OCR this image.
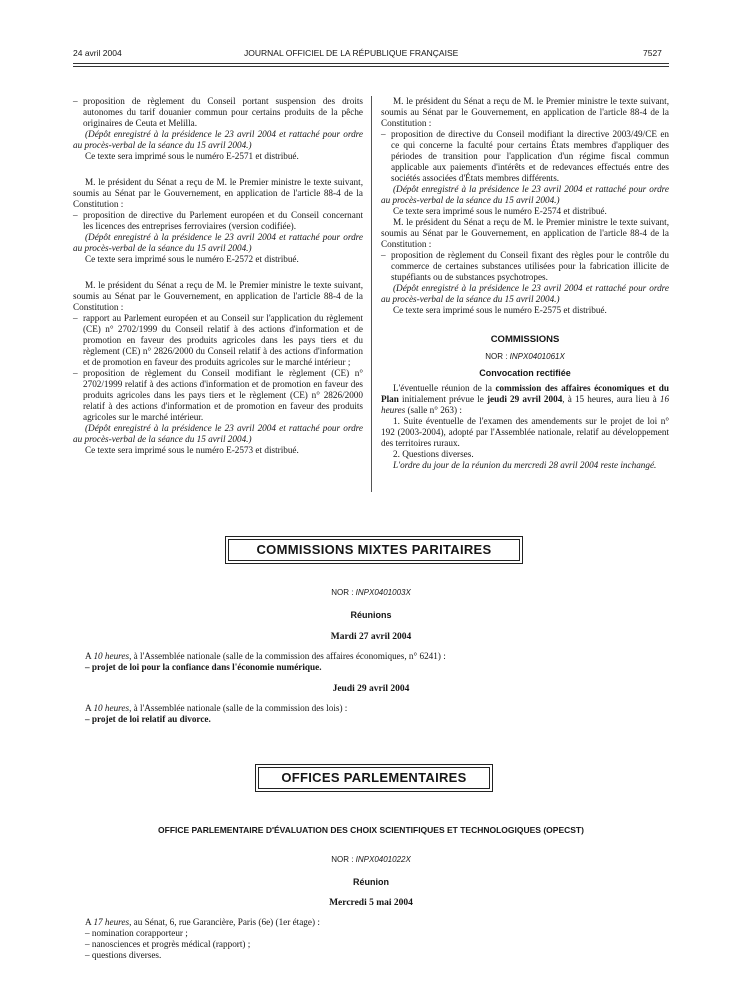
24 avril 2004	JOURNAL OFFICIEL DE LA RÉPUBLIQUE FRANÇAISE	7527
– proposition de règlement du Conseil portant suspension des droits autonomes du tarif douanier commun pour certains produits de la pêche originaires de Ceuta et Melilla.

(Dépôt enregistré à la présidence le 23 avril 2004 et rattaché pour ordre au procès-verbal de la séance du 15 avril 2004.)

Ce texte sera imprimé sous le numéro E-2571 et distribué.

M. le président du Sénat a reçu de M. le Premier ministre le texte suivant, soumis au Sénat par le Gouvernement, en application de l'article 88-4 de la Constitution :

– proposition de directive du Parlement européen et du Conseil concernant les licences des entreprises ferroviaires (version codifiée).

(Dépôt enregistré à la présidence le 23 avril 2004 et rattaché pour ordre au procès-verbal de la séance du 15 avril 2004.)

Ce texte sera imprimé sous le numéro E-2572 et distribué.

M. le président du Sénat a reçu de M. le Premier ministre le texte suivant, soumis au Sénat par le Gouvernement, en application de l'article 88-4 de la Constitution :

– rapport au Parlement européen et au Conseil sur l'application du règlement (CE) n° 2702/1999 du Conseil relatif à des actions d'information et de promotion en faveur des produits agricoles dans les pays tiers et du règlement (CE) n° 2826/2000 du Conseil relatif à des actions d'information et de promotion en faveur des produits agricoles sur le marché intérieur ;
– proposition de règlement du Conseil modifiant le règlement (CE) n° 2702/1999 relatif à des actions d'information et de promotion en faveur des produits agricoles dans les pays tiers et le règlement (CE) n° 2826/2000 relatif à des actions d'information et de promotion en faveur des produits agricoles sur le marché intérieur.

(Dépôt enregistré à la présidence le 23 avril 2004 et rattaché pour ordre au procès-verbal de la séance du 15 avril 2004.)

Ce texte sera imprimé sous le numéro E-2573 et distribué.

M. le président du Sénat a reçu de M. le Premier ministre le texte suivant, soumis au Sénat par le Gouvernement, en application de l'article 88-4 de la Constitution :

– proposition de directive du Conseil modifiant la directive 2003/49/CE en ce qui concerne la faculté pour certains États membres d'appliquer des périodes de transition pour l'application d'un régime fiscal commun applicable aux paiements d'intérêts et de redevances effectués entre des sociétés associées d'États membres différents.

(Dépôt enregistré à la présidence le 23 avril 2004 et rattaché pour ordre au procès-verbal de la séance du 15 avril 2004.)

Ce texte sera imprimé sous le numéro E-2574 et distribué.

M. le président du Sénat a reçu de M. le Premier ministre le texte suivant, soumis au Sénat par le Gouvernement, en application de l'article 88-4 de la Constitution :

– proposition de règlement du Conseil fixant des règles pour le contrôle du commerce de certaines substances utilisées pour la fabrication illicite de stupéfiants ou de substances psychotropes.

(Dépôt enregistré à la présidence le 23 avril 2004 et rattaché pour ordre au procès-verbal de la séance du 15 avril 2004.)

Ce texte sera imprimé sous le numéro E-2575 et distribué.

COMMISSIONS
NOR : INPX0401061X
Convocation rectifiée

L'éventuelle réunion de la commission des affaires économiques et du Plan initialement prévue le jeudi 29 avril 2004, à 15 heures, aura lieu à 16 heures (salle n° 263) :

1. Suite éventuelle de l'examen des amendements sur le projet de loi n° 192 (2003-2004), adopté par l'Assemblée nationale, relatif au développement des territoires ruraux.

2. Questions diverses.

L'ordre du jour de la réunion du mercredi 28 avril 2004 reste inchangé.

COMMISSIONS MIXTES PARITAIRES
NOR : INPX0401003X
Réunions
Mardi 27 avril 2004

A 10 heures, à l'Assemblée nationale (salle de la commission des affaires économiques, n° 6241) :

– projet de loi pour la confiance dans l'économie numérique.

Jeudi 29 avril 2004

A 10 heures, à l'Assemblée nationale (salle de la commission des lois) :

– projet de loi relatif au divorce.

OFFICES PARLEMENTAIRES
OFFICE PARLEMENTAIRE D'ÉVALUATION DES CHOIX SCIENTIFIQUES ET TECHNOLOGIQUES (OPECST)
NOR : INPX0401022X
Réunion
Mercredi 5 mai 2004

A 17 heures, au Sénat, 6, rue Garancière, Paris (6e) (1er étage) :

– nomination corapporteur ;

– nanosciences et progrès médical (rapport) ;

– questions diverses.
